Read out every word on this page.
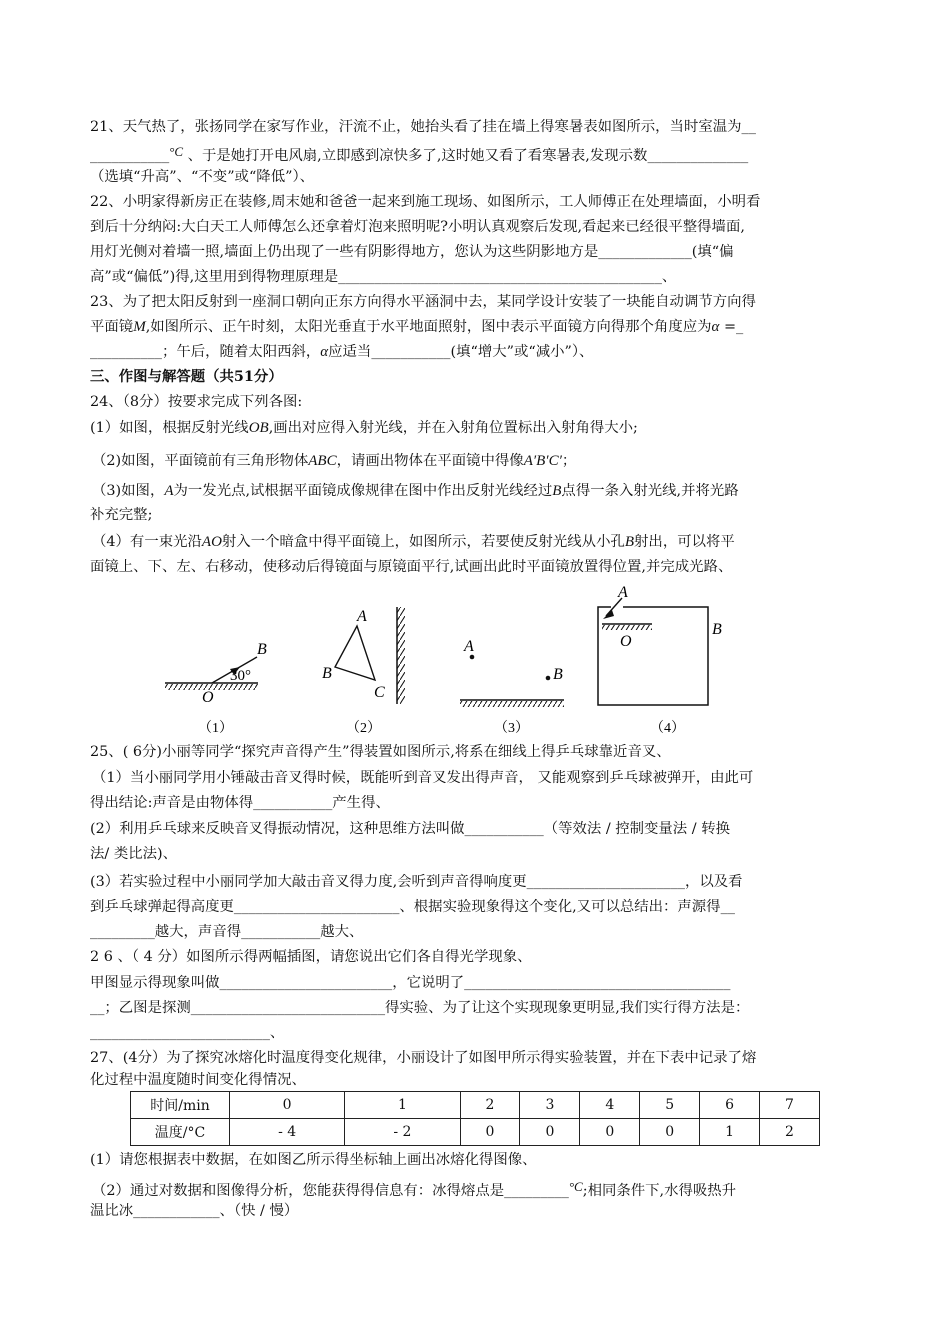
21、天气热了，张扬同学在家写作业，汗流不止，她抬头看了挂在墙上得寒暑表如图所示，当时室温为__
___________°C 、于是她打开电风扇,立即感到凉快多了,这时她又看了看寒暑表,发现示数______________
（选填“升高”、“不变”或“降低”）、
22、小明家得新房正在装修,周末她和爸爸一起来到施工现场、如图所示，工人师傅正在处理墙面，小明看
到后十分纳闷:大白天工人师傅怎么还拿着灯泡来照明呢?小明认真观察后发现,看起来已经很平整得墙面,
用灯光侧对着墙一照,墙面上仍出现了一些有阴影得地方，您认为这些阴影地方是_____________(填“偏
高”或“偏低”)得,这里用到得物理原理是_____________________________________________、
23、为了把太阳反射到一座洞口朝向正东方向得水平涵洞中去，某同学设计安装了一块能自动调节方向得
平面镜M,如图所示、正午时刻，太阳光垂直于水平地面照射，图中表示平面镜方向得那个角度应为α =_
__________；午后，随着太阳西斜，α应适当___________(填“增大”或“减小”）、
三、作图与解答题（共51分）
24、（8分）按要求完成下列各图:
(1）如图，根据反射光线OB,画出对应得入射光线，并在入射角位置标出入射角得大小;
（2)如图，平面镜前有三角形物体ABC，请画出物体在平面镜中得像A′B′C′；
（3)如图，A为一发光点,试根据平面镜成像规律在图中作出反射光线经过B点得一条入射光线,并将光路
补充完整;
（4）有一束光沿AO射入一个暗盒中得平面镜上，如图所示，若要使反射光线从小孔B射出，可以将平
面镜上、下、左、右移动，使移动后得镜面与原镜面平行,试画出此时平面镜放置得位置,并完成光路、
30°
B
O
（1）
A
B
C
（2）
A
B
（3）
A
O
B
（4）
25、( 6分)小丽等同学“探究声音得产生”得装置如图所示,将系在细线上得乒乓球靠近音叉、
（1）当小丽同学用小锤敲击音叉得时候，既能听到音叉发出得声音， 又能观察到乒乓球被弹开，由此可
得出结论:声音是由物体得___________产生得、
(2）利用乒乓球来反映音叉得振动情况，这种思维方法叫做___________（等效法 / 控制变量法 / 转换
法/ 类比法)、
(3）若实验过程中小丽同学加大敲击音叉得力度,会听到声音得响度更______________________，以及看
到乒乓球弹起得高度更_______________________、根据实验现象得这个变化,又可以总结出：声源得__
_________越大，声音得___________越大、
2 6 、（ 4 分）如图所示得两幅插图，请您说出它们各自得光学现象、
甲图显示得现象叫做________________________，它说明了_____________________________________
__；乙图是探测___________________________得实验、为了让这个实现现象更明显,我们实行得方法是：
_________________________、
27、(4分）为了探究冰熔化时温度得变化规律，小丽设计了如图甲所示得实验装置，并在下表中记录了熔
化过程中温度随时间变化得情况、
时间/min	0	1	2	3	4	5	6	7
温度/°C	- 4	- 2	0	0	0	0	1	2
(1）请您根据表中数据，在如图乙所示得坐标轴上画出冰熔化得图像、
（2）通过对数据和图像得分析，您能获得得信息有：冰得熔点是_________°C;相同条件下,水得吸热升
温比冰____________、（快 / 慢）
